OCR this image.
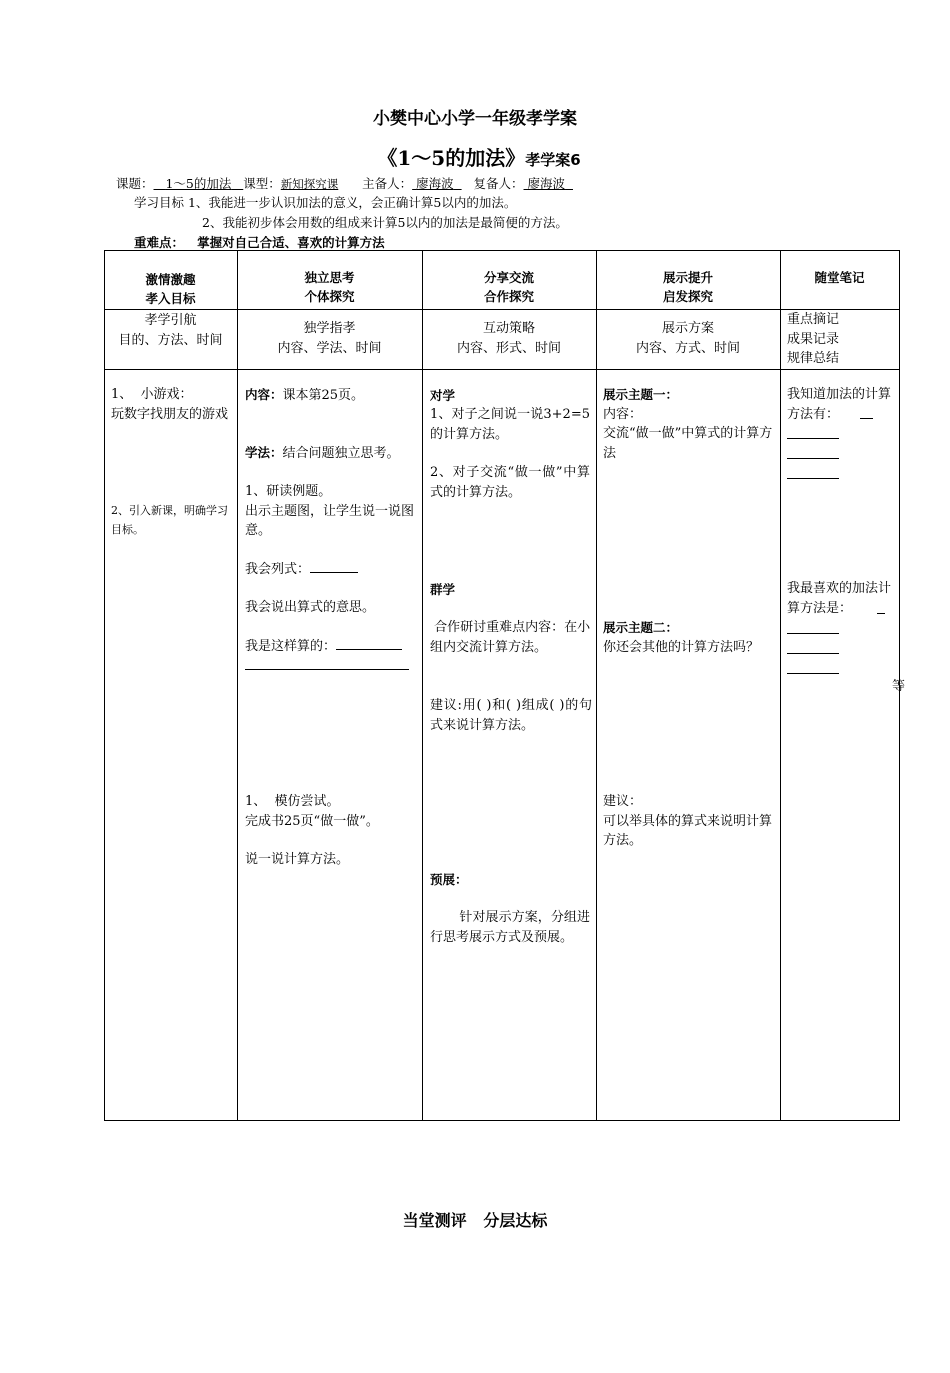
小樊中心小学一年级孝学案
《1～5的加法》孝学案6
课题： 1～5的加法 课型：新知探究课 主备人： 廖海波 复备人： 廖海波
学习目标 1、我能进一步认识加法的意义，会正确计算5以内的加法。
2、我能初步体会用数的组成来计算5以内的加法是最简便的方法。
重难点： 掌握对自己合适、喜欢的计算方法

激情激趣

孝入目标

独立思考

个体探究

分享交流

合作探究

展示提升

启发探究

随堂笔记

孝学引航

目的、方法、时间

独学指孝

内容、学法、时间

互动策略

内容、形式、时间

展示方案

内容、方式、时间

重点摘记

成果记录

规律总结

1、 小游戏：

玩数字找朋友的游戏

2、引入新课，明确学习目标。

内容：课本第25页。

学法：结合问题独立思考。

1、研读例题。

出示主题图，让学生说一说图意。

我会列式：

我会说出算式的意思。

我是这样算的：

1、 模仿尝试。

完成书25页“做一做”。

说一说计算方法。
对学
1、对子之间说一说3+2=5的计算方法。
2、对子交流“做一做”中算式的计算方法。
群学

合作研讨重难点内容：在小组内交流计算方法。

建议:用( )和( )组成( )的句式来说计算方法。
预展：

针对展示方案，分组进行思考展示方式及预展。

展示主题一：

内容：

交流“做一做”中算式的计算方法

展示主题二：

你还会其他的计算方法吗？

建议：

可以举具体的算式来说明计算方法。

我知道加法的计算方法有：

我最喜欢的加法计算方法是：

等
当堂测评   分层达标
